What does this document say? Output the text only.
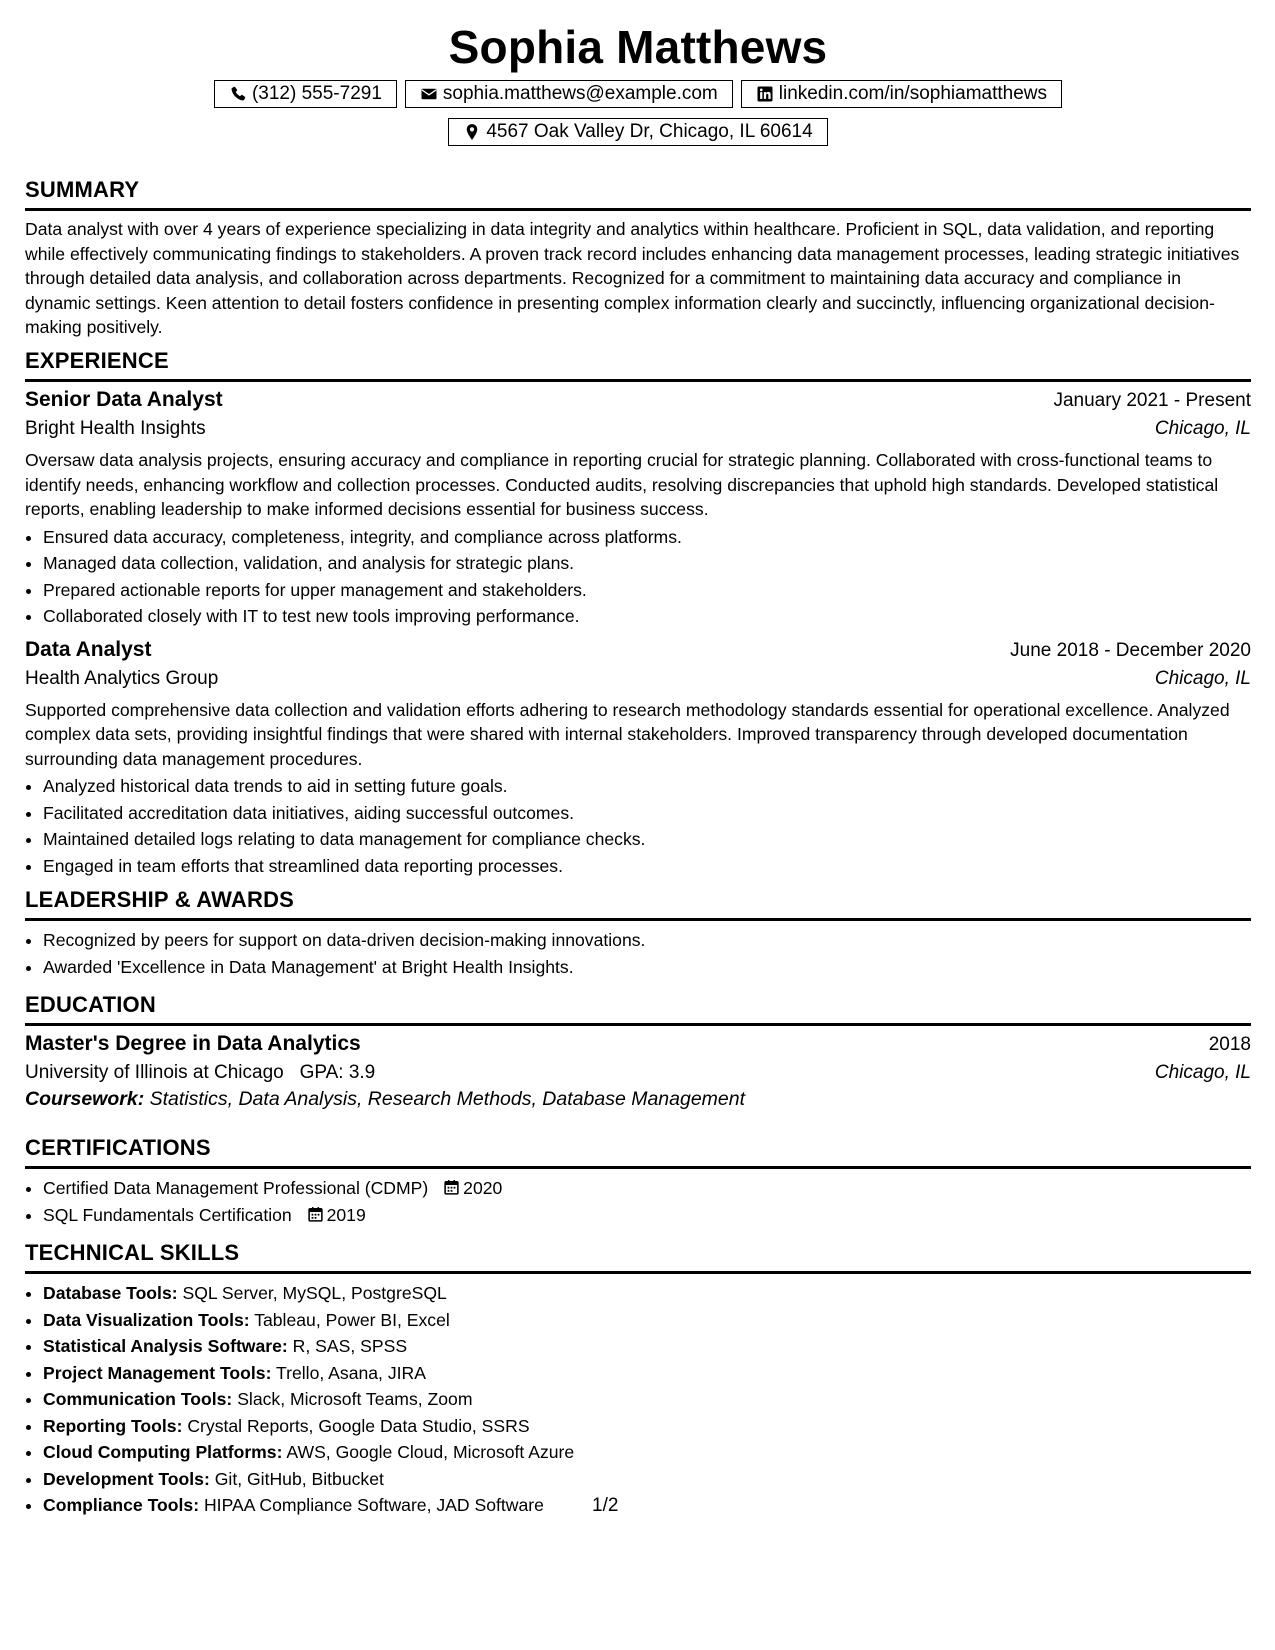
Sophia Matthews
(312) 555-7291	sophia.matthews@example.com	linkedin.com/in/sophiamatthews
4567 Oak Valley Dr, Chicago, IL 60614
SUMMARY

Data analyst with over 4 years of experience specializing in data integrity and analytics within healthcare. Proficient in SQL, data validation, and reporting while effectively communicating findings to stakeholders. A proven track record includes enhancing data management processes, leading strategic initiatives through detailed data analysis, and collaboration across departments. Recognized for a commitment to maintaining data accuracy and compliance in dynamic settings. Keen attention to detail fosters confidence in presenting complex information clearly and succinctly, influencing organizational decision-making positively.

EXPERIENCE
Senior Data Analyst	January 2021 - Present
Bright Health Insights	Chicago, IL

Oversaw data analysis projects, ensuring accuracy and compliance in reporting crucial for strategic planning. Collaborated with cross-functional teams to identify needs, enhancing workflow and collection processes. Conducted audits, resolving discrepancies that uphold high standards. Developed statistical reports, enabling leadership to make informed decisions essential for business success.

• Ensured data accuracy, completeness, integrity, and compliance across platforms.
• Managed data collection, validation, and analysis for strategic plans.
• Prepared actionable reports for upper management and stakeholders.
• Collaborated closely with IT to test new tools improving performance.
Data Analyst	June 2018 - December 2020
Health Analytics Group	Chicago, IL

Supported comprehensive data collection and validation efforts adhering to research methodology standards essential for operational excellence. Analyzed complex data sets, providing insightful findings that were shared with internal stakeholders. Improved transparency through developed documentation surrounding data management procedures.

• Analyzed historical data trends to aid in setting future goals.
• Facilitated accreditation data initiatives, aiding successful outcomes.
• Maintained detailed logs relating to data management for compliance checks.
• Engaged in team efforts that streamlined data reporting processes.
LEADERSHIP & AWARDS
• Recognized by peers for support on data-driven decision-making innovations.
• Awarded 'Excellence in Data Management' at Bright Health Insights.
EDUCATION
Master's Degree in Data Analytics	2018
University of Illinois at Chicago GPA: 3.9	Chicago, IL
Coursework: Statistics, Data Analysis, Research Methods, Database Management
CERTIFICATIONS
• Certified Data Management Professional (CDMP) 2020
• SQL Fundamentals Certification 2019
TECHNICAL SKILLS
• Database Tools: SQL Server, MySQL, PostgreSQL
• Data Visualization Tools: Tableau, Power BI, Excel
• Statistical Analysis Software: R, SAS, SPSS
• Project Management Tools: Trello, Asana, JIRA
• Communication Tools: Slack, Microsoft Teams, Zoom
• Reporting Tools: Crystal Reports, Google Data Studio, SSRS
• Cloud Computing Platforms: AWS, Google Cloud, Microsoft Azure
• Development Tools: Git, GitHub, Bitbucket
• Compliance Tools: HIPAA Compliance Software, JAD Software	1/2
